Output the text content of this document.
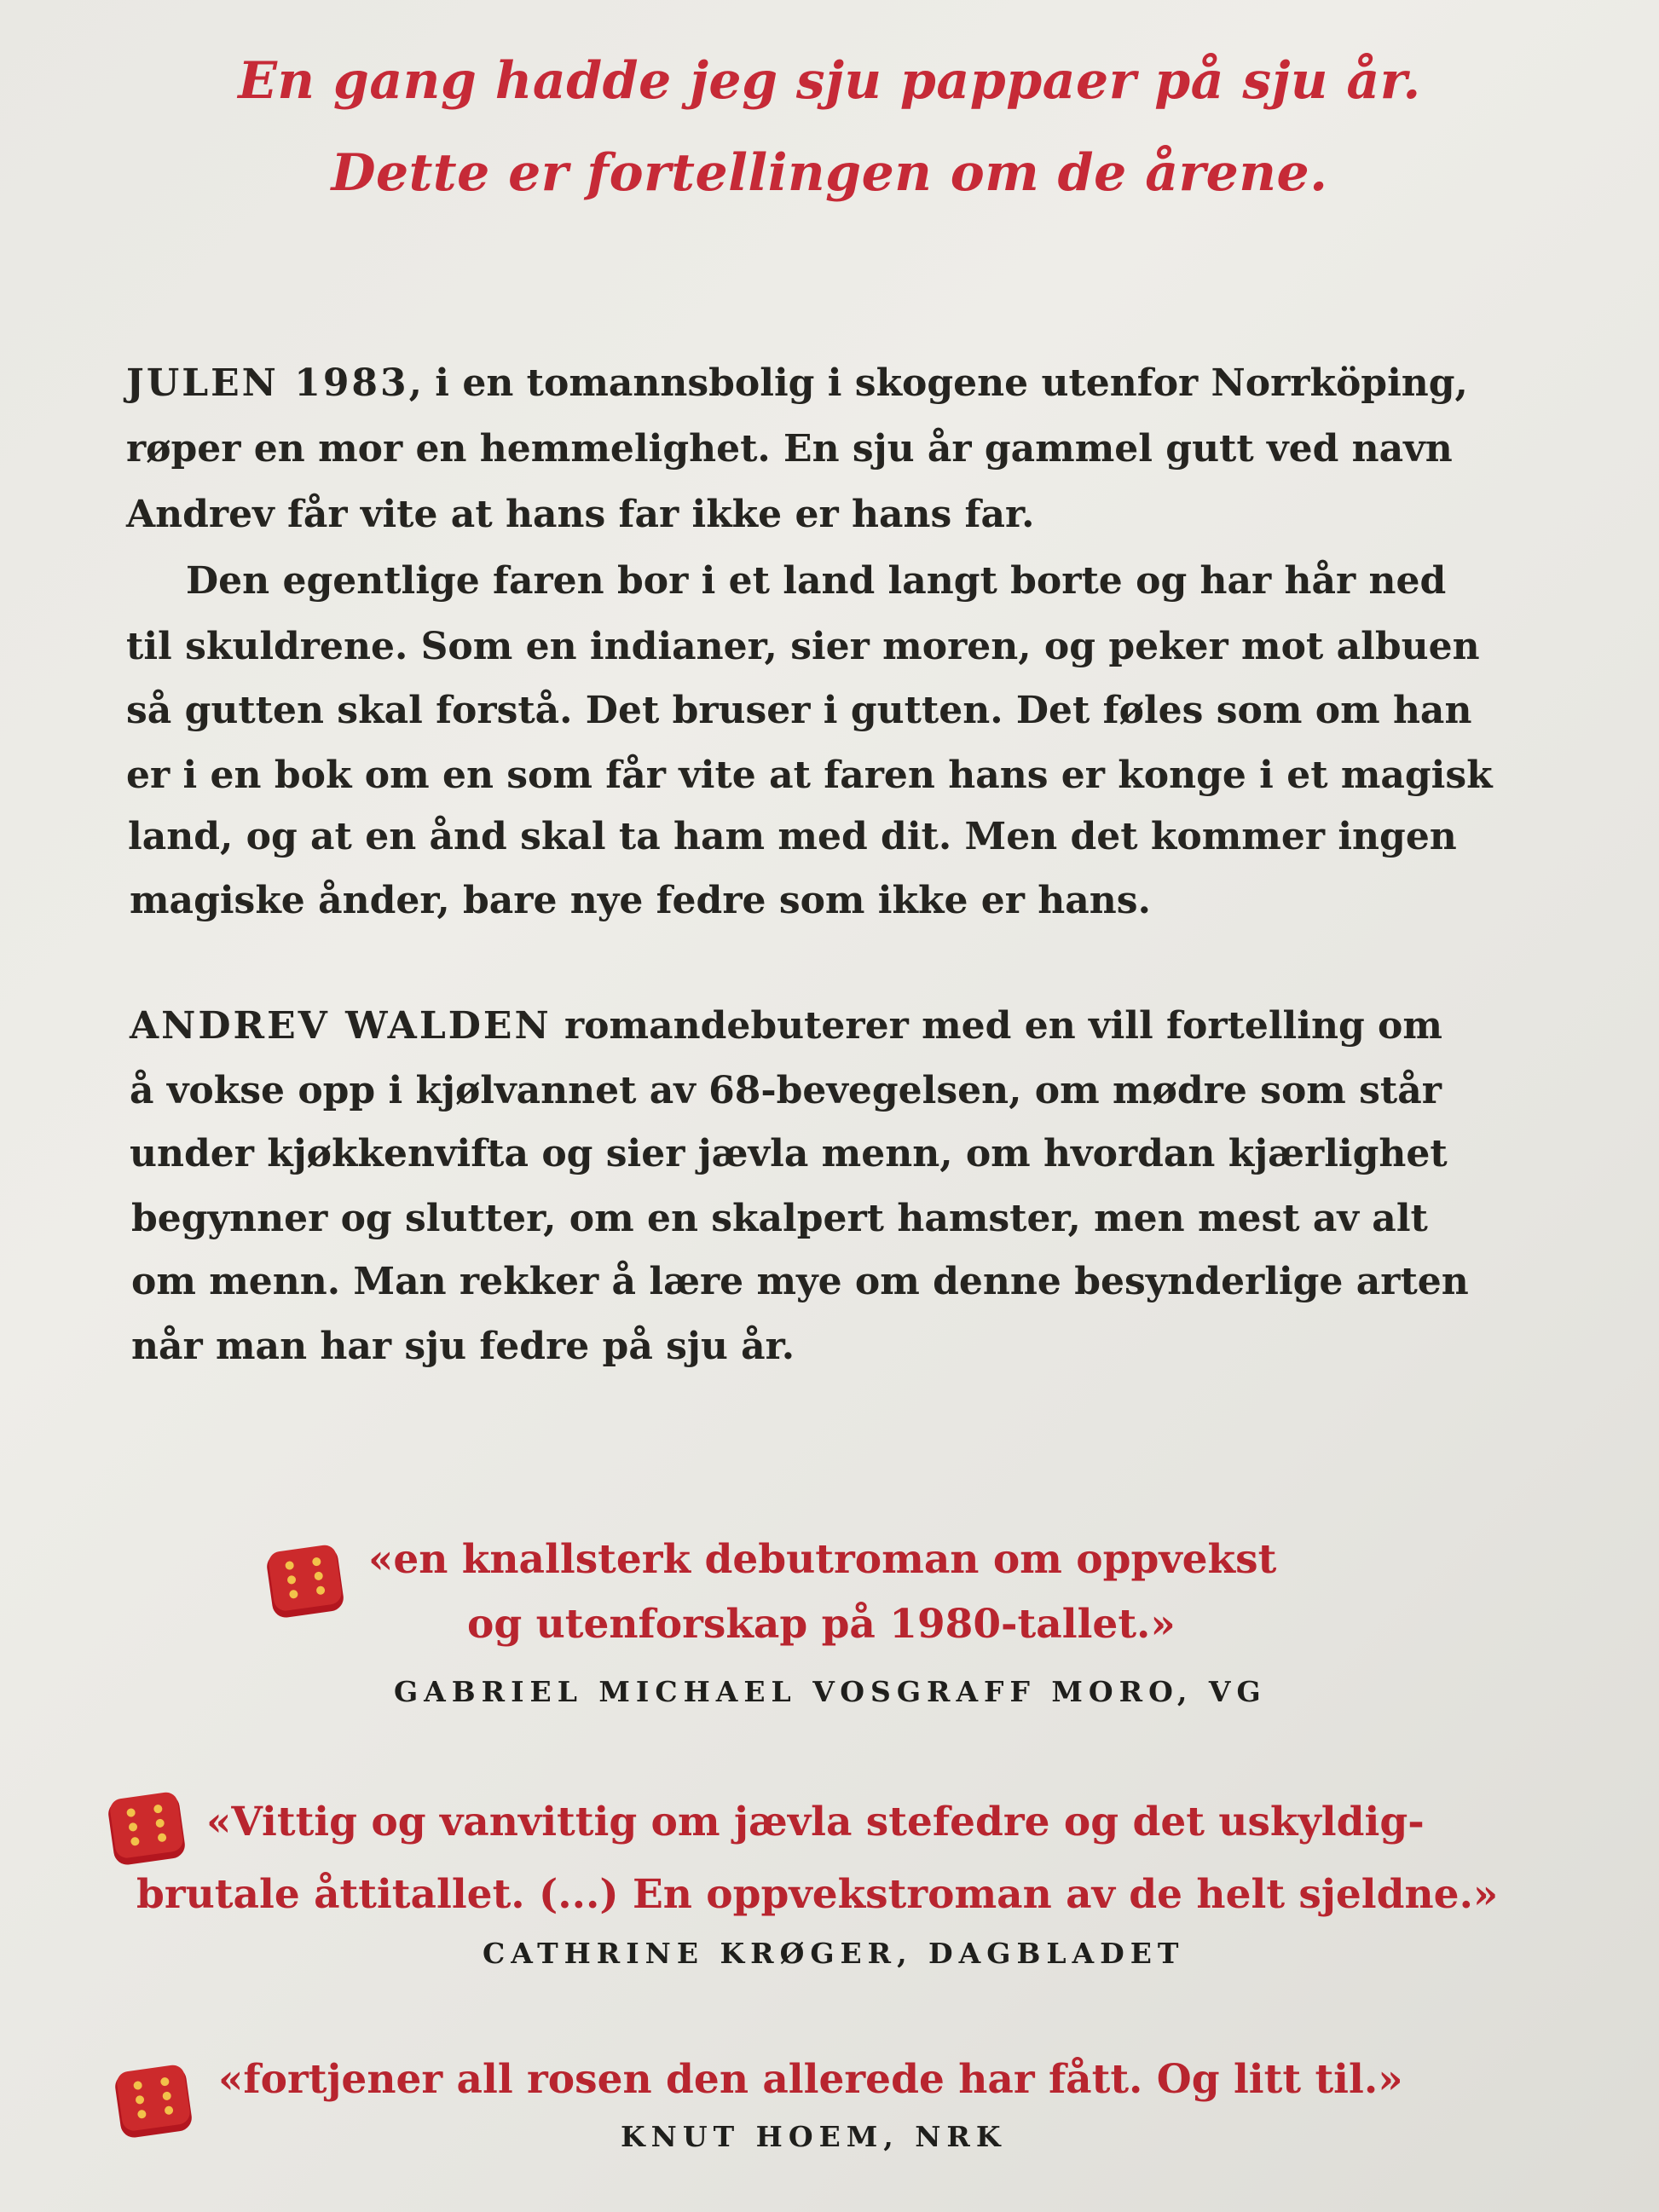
En gang hadde jeg sju pappaer på sju år.
Dette er fortellingen om de årene.
JULEN 1983, i en tomannsbolig i skogene utenfor Norrköping,
røper en mor en hemmelighet. En sju år gammel gutt ved navn
Andrev får vite at hans far ikke er hans far.
Den egentlige faren bor i et land langt borte og har hår ned
til skuldrene. Som en indianer, sier moren, og peker mot albuen
så gutten skal forstå. Det bruser i gutten. Det føles som om han
er i en bok om en som får vite at faren hans er konge i et magisk
land, og at en ånd skal ta ham med dit. Men det kommer ingen
magiske ånder, bare nye fedre som ikke er hans.
ANDREV WALDEN romandebuterer med en vill fortelling om
å vokse opp i kjølvannet av 68-bevegelsen, om mødre som står
under kjøkkenvifta og sier jævla menn, om hvordan kjærlighet
begynner og slutter, om en skalpert hamster, men mest av alt
om menn. Man rekker å lære mye om denne besynderlige arten
når man har sju fedre på sju år.
«en knallsterk debutroman om oppvekst
og utenforskap på 1980-tallet.»
GABRIEL MICHAEL VOSGRAFF MORO, VG
«Vittig og vanvittig om jævla stefedre og det uskyldig-
brutale åttitallet. (...) En oppvekstroman av de helt sjeldne.»
CATHRINE KRØGER, DAGBLADET
«fortjener all rosen den allerede har fått. Og litt til.»
KNUT HOEM, NRK
